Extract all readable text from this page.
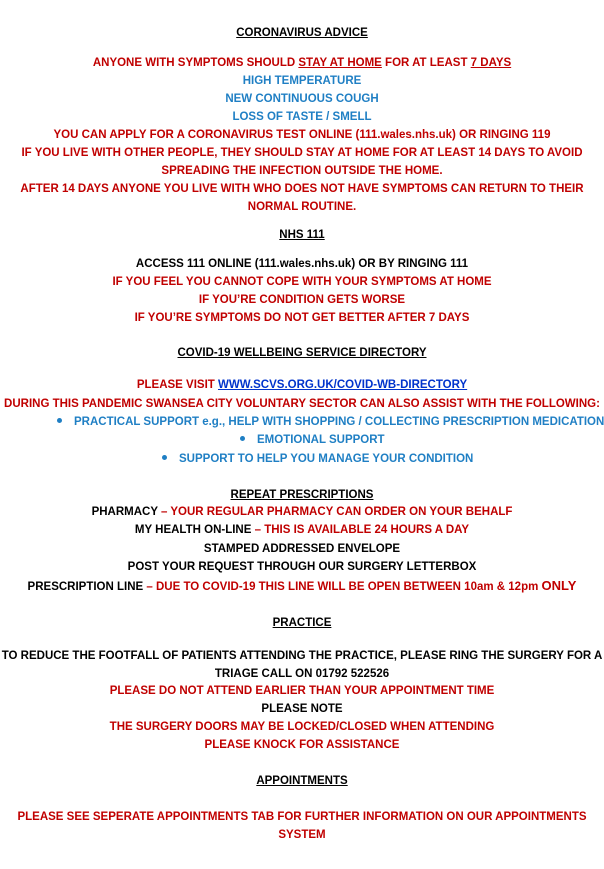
CORONAVIRUS ADVICE
ANYONE WITH SYMPTOMS SHOULD STAY AT HOME FOR AT LEAST 7 DAYS
HIGH TEMPERATURE
NEW CONTINUOUS COUGH
LOSS OF TASTE / SMELL
YOU CAN APPLY FOR A CORONAVIRUS TEST ONLINE (111.wales.nhs.uk) OR RINGING 119
IF YOU LIVE WITH OTHER PEOPLE, THEY SHOULD STAY AT HOME FOR AT LEAST 14 DAYS TO AVOID
SPREADING THE INFECTION OUTSIDE THE HOME.
AFTER 14 DAYS ANYONE YOU LIVE WITH WHO DOES NOT HAVE SYMPTOMS CAN RETURN TO THEIR
NORMAL ROUTINE.
NHS 111
ACCESS 111 ONLINE (111.wales.nhs.uk) OR BY RINGING 111
IF YOU FEEL YOU CANNOT COPE WITH YOUR SYMPTOMS AT HOME
IF YOU’RE CONDITION GETS WORSE
IF YOU’RE SYMPTOMS DO NOT GET BETTER AFTER 7 DAYS
COVID-19 WELLBEING SERVICE DIRECTORY
PLEASE VISIT WWW.SCVS.ORG.UK/COVID-WB-DIRECTORY
DURING THIS PANDEMIC SWANSEA CITY VOLUNTARY SECTOR CAN ALSO ASSIST WITH THE FOLLOWING:
PRACTICAL SUPPORT e.g., HELP WITH SHOPPING / COLLECTING PRESCRIPTION MEDICATION
EMOTIONAL SUPPORT
SUPPORT TO HELP YOU MANAGE YOUR CONDITION
REPEAT PRESCRIPTIONS
PHARMACY – YOUR REGULAR PHARMACY CAN ORDER ON YOUR BEHALF
MY HEALTH ON-LINE – THIS IS AVAILABLE 24 HOURS A DAY
STAMPED ADDRESSED ENVELOPE
POST YOUR REQUEST THROUGH OUR SURGERY LETTERBOX
PRESCRIPTION LINE – DUE TO COVID-19 THIS LINE WILL BE OPEN BETWEEN 10am & 12pm ONLY
PRACTICE
TO REDUCE THE FOOTFALL OF PATIENTS ATTENDING THE PRACTICE, PLEASE RING THE SURGERY FOR A
TRIAGE CALL ON 01792 522526
PLEASE DO NOT ATTEND EARLIER THAN YOUR APPOINTMENT TIME
PLEASE NOTE
THE SURGERY DOORS MAY BE LOCKED/CLOSED WHEN ATTENDING
PLEASE KNOCK FOR ASSISTANCE
APPOINTMENTS
PLEASE SEE SEPERATE APPOINTMENTS TAB FOR FURTHER INFORMATION ON OUR APPOINTMENTS
SYSTEM
